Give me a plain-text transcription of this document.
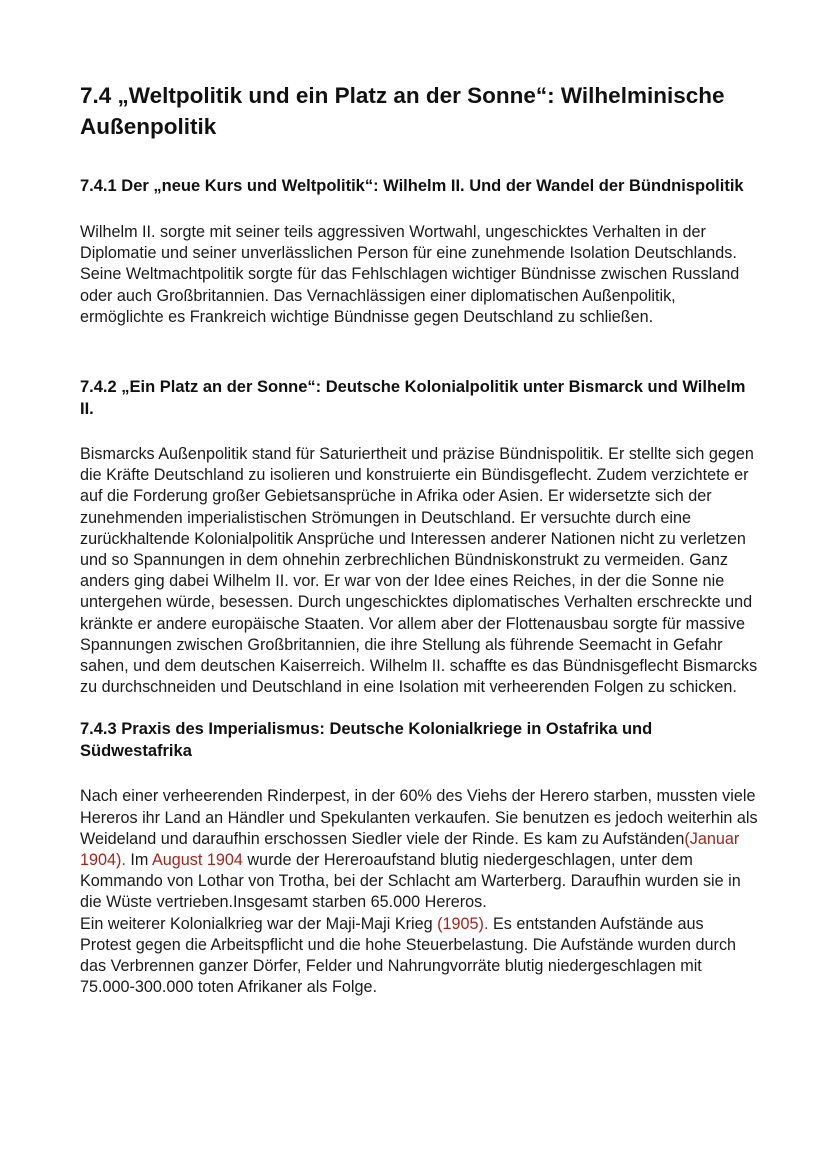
7.4 „Weltpolitik und ein Platz an der Sonne“: Wilhelminische Außenpolitik
7.4.1 Der „neue Kurs und Weltpolitik“: Wilhelm II. Und der Wandel der Bündnispolitik

Wilhelm II. sorgte mit seiner teils aggressiven Wortwahl, ungeschicktes Verhalten in der Diplomatie und seiner unverlässlichen Person für eine zunehmende Isolation Deutschlands. Seine Weltmachtpolitik sorgte für das Fehlschlagen wichtiger Bündnisse zwischen Russland oder auch Großbritannien. Das Vernachlässigen einer diplomatischen Außenpolitik, ermöglichte es Frankreich wichtige Bündnisse gegen Deutschland zu schließen.

7.4.2 „Ein Platz an der Sonne“: Deutsche Kolonialpolitik unter Bismarck und Wilhelm II.

Bismarcks Außenpolitik stand für Saturiertheit und präzise Bündnispolitik. Er stellte sich gegen die Kräfte Deutschland zu isolieren und konstruierte ein Bündisgeflecht. Zudem verzichtete er auf die Forderung großer Gebietsansprüche in Afrika oder Asien. Er widersetzte sich der zunehmenden imperialistischen Strömungen in Deutschland. Er versuchte durch eine zurückhaltende Kolonialpolitik Ansprüche und Interessen anderer Nationen nicht zu verletzen und so Spannungen in dem ohnehin zerbrechlichen Bündniskonstrukt zu vermeiden. Ganz anders ging dabei Wilhelm II. vor. Er war von der Idee eines Reiches, in der die Sonne nie untergehen würde, besessen. Durch ungeschicktes diplomatisches Verhalten erschreckte und kränkte er andere europäische Staaten. Vor allem aber der Flottenausbau sorgte für massive Spannungen zwischen Großbritannien, die ihre Stellung als führende Seemacht in Gefahr sahen, und dem deutschen Kaiserreich. Wilhelm II. schaffte es das Bündnisgeflecht Bismarcks zu durchschneiden und Deutschland in eine Isolation mit verheerenden Folgen zu schicken.

7.4.3 Praxis des Imperialismus: Deutsche Kolonialkriege in Ostafrika und Südwestafrika

Nach einer verheerenden Rinderpest, in der 60% des Viehs der Herero starben, mussten viele Hereros ihr Land an Händler und Spekulanten verkaufen. Sie benutzen es jedoch weiterhin als Weideland und daraufhin erschossen Siedler viele der Rinde. Es kam zu Aufständen(Januar 1904). Im August 1904 wurde der Hereroaufstand blutig niedergeschlagen, unter dem Kommando von Lothar von Trotha, bei der Schlacht am Warterberg. Daraufhin wurden sie in die Wüste vertrieben.Insgesamt starben 65.000 Hereros.
Ein weiterer Kolonialkrieg war der Maji-Maji Krieg (1905). Es entstanden Aufstände aus Protest gegen die Arbeitspflicht und die hohe Steuerbelastung. Die Aufstände wurden durch das Verbrennen ganzer Dörfer, Felder und Nahrungvorräte blutig niedergeschlagen mit 75.000-300.000 toten Afrikaner als Folge.
